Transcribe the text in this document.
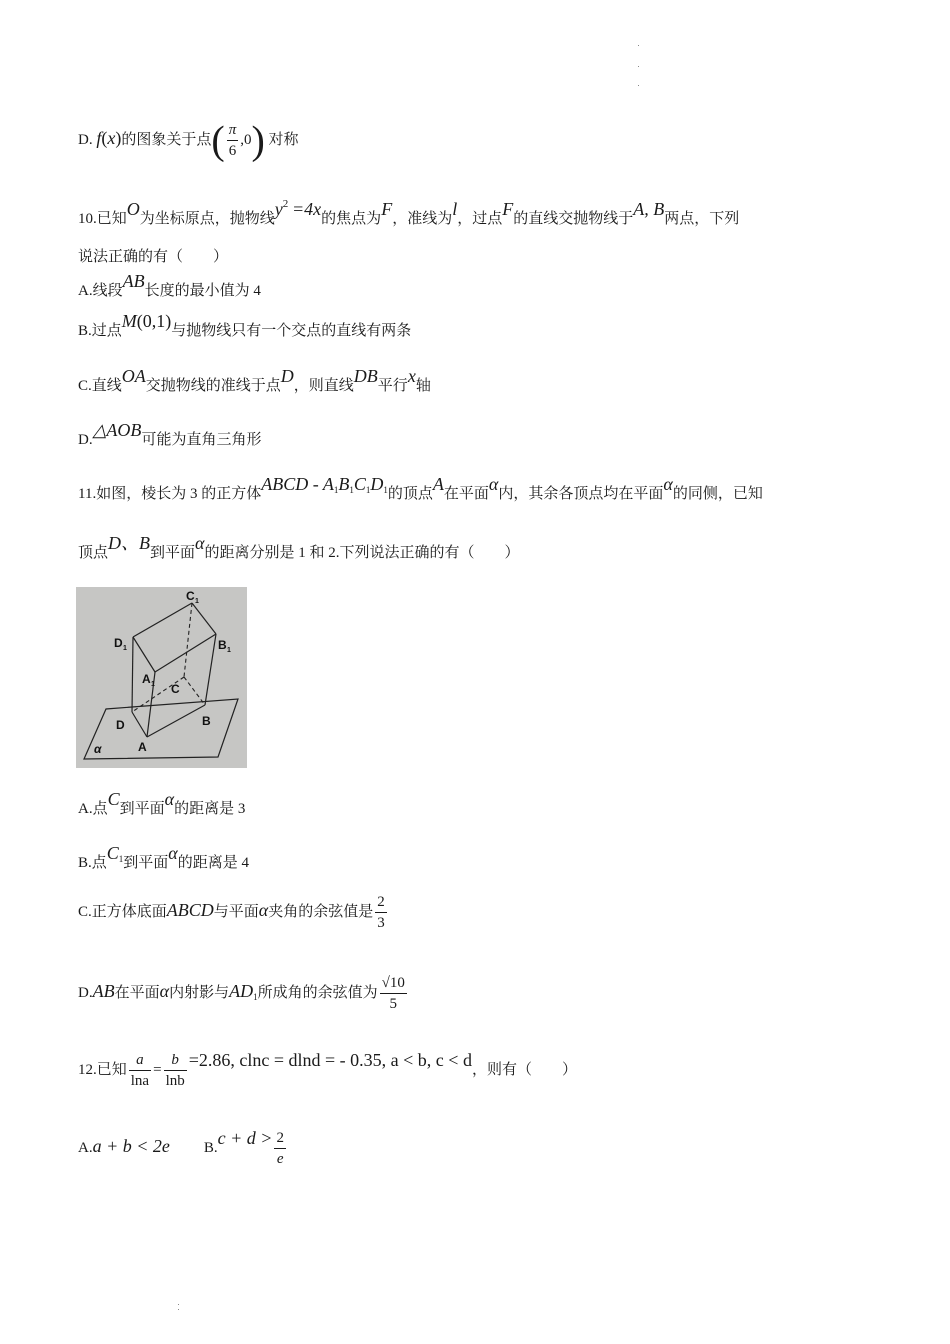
D. f(x)的图象关于点( $\frac{\pi}{6} ,0$) 对称
10.已知O为坐标原点，抛物线$y^2 =4x$的焦点为F，准线为l，过点F的直线交抛物线于A, B两点，下列
说法正确的有（　　）
A.线段AB长度的最小值为 4
B.过点M(0,1)与抛物线只有一个交点的直线有两条
C.直线OA交抛物线的准线于点D，则直线DB平行x轴
D.△AOB可能为直角三角形
11.如图，棱长为 3 的正方体ABCD - $A_1B_1C_1D_1$的顶点A在平面α内，其余各顶点均在平面α的同侧，已知
顶点D、B到平面α的距离分别是 1 和 2.下列说法正确的有（　　）
C 1
D 1	B 1
A 1 C
D	B
A
α
A.点C到平面α的距离是 3
B.点$C_1$到平面α的距离是 4
C.正方体底面ABCD与平面α夹角的余弦值是 $\frac{2}{3}$
D.AB在平面α内射影与$AD_1$所成角的余弦值为 $\frac{√10}{5}$
12.已知 $\frac{a}{\ln a} = \frac{b}{\ln b} =2.86$, clnc = dlnd = - 0.35, a < b, c < d，则有（　　）
A.a + b < 2e $B.c + d > \frac{2}{e}$
